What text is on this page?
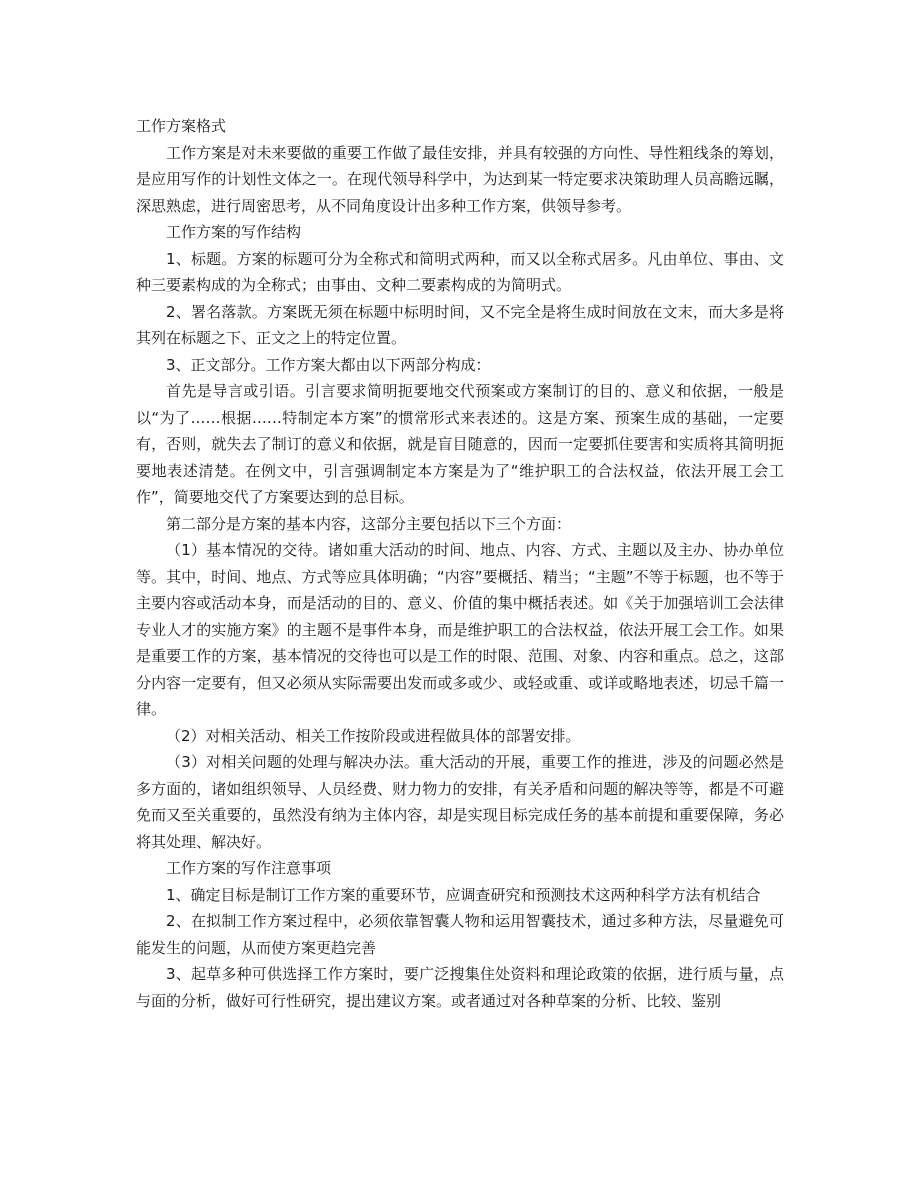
工作方案格式

工作方案是对未来要做的重要工作做了最佳安排，并具有较强的方向性、导性粗线条的筹划，是应用写作的计划性文体之一。在现代领导科学中，为达到某一特定要求决策助理人员高瞻远瞩，深思熟虑，进行周密思考，从不同角度设计出多种工作方案，供领导参考。

工作方案的写作结构

1、标题。方案的标题可分为全称式和简明式两种，而又以全称式居多。凡由单位、事由、文种三要素构成的为全称式；由事由、文种二要素构成的为简明式。

2、署名落款。方案既无须在标题中标明时间，又不完全是将生成时间放在文末，而大多是将其列在标题之下、正文之上的特定位置。

3、正文部分。工作方案大都由以下两部分构成：

首先是导言或引语。引言要求简明扼要地交代预案或方案制订的目的、意义和依据，一般是以“为了……根据……特制定本方案”的惯常形式来表述的。这是方案、预案生成的基础，一定要有，否则，就失去了制订的意义和依据，就是盲目随意的，因而一定要抓住要害和实质将其简明扼要地表述清楚。在例文中，引言强调制定本方案是为了“维护职工的合法权益，依法开展工会工作”，简要地交代了方案要达到的总目标。

第二部分是方案的基本内容，这部分主要包括以下三个方面：

（1）基本情况的交待。诸如重大活动的时间、地点、内容、方式、主题以及主办、协办单位等。其中，时间、地点、方式等应具体明确；“内容”要概括、精当；“主题”不等于标题，也不等于主要内容或活动本身，而是活动的目的、意义、价值的集中概括表述。如《关于加强培训工会法律专业人才的实施方案》的主题不是事件本身，而是维护职工的合法权益，依法开展工会工作。如果是重要工作的方案，基本情况的交待也可以是工作的时限、范围、对象、内容和重点。总之，这部分内容一定要有，但又必须从实际需要出发而或多或少、或轻或重、或详或略地表述，切忌千篇一律。

（2）对相关活动、相关工作按阶段或进程做具体的部署安排。

（3）对相关问题的处理与解决办法。重大活动的开展，重要工作的推进，涉及的问题必然是多方面的，诸如组织领导、人员经费、财力物力的安排，有关矛盾和问题的解决等等，都是不可避免而又至关重要的，虽然没有纳为主体内容，却是实现目标完成任务的基本前提和重要保障，务必将其处理、解决好。

工作方案的写作注意事项

1、确定目标是制订工作方案的重要环节，应调查研究和预测技术这两种科学方法有机结合

2、在拟制工作方案过程中，必须依靠智囊人物和运用智囊技术，通过多种方法，尽量避免可能发生的问题，从而使方案更趋完善

3、起草多种可供选择工作方案时，要广泛搜集住处资料和理论政策的依据，进行质与量，点与面的分析，做好可行性研究，提出建议方案。或者通过对各种草案的分析、比较、鉴别
